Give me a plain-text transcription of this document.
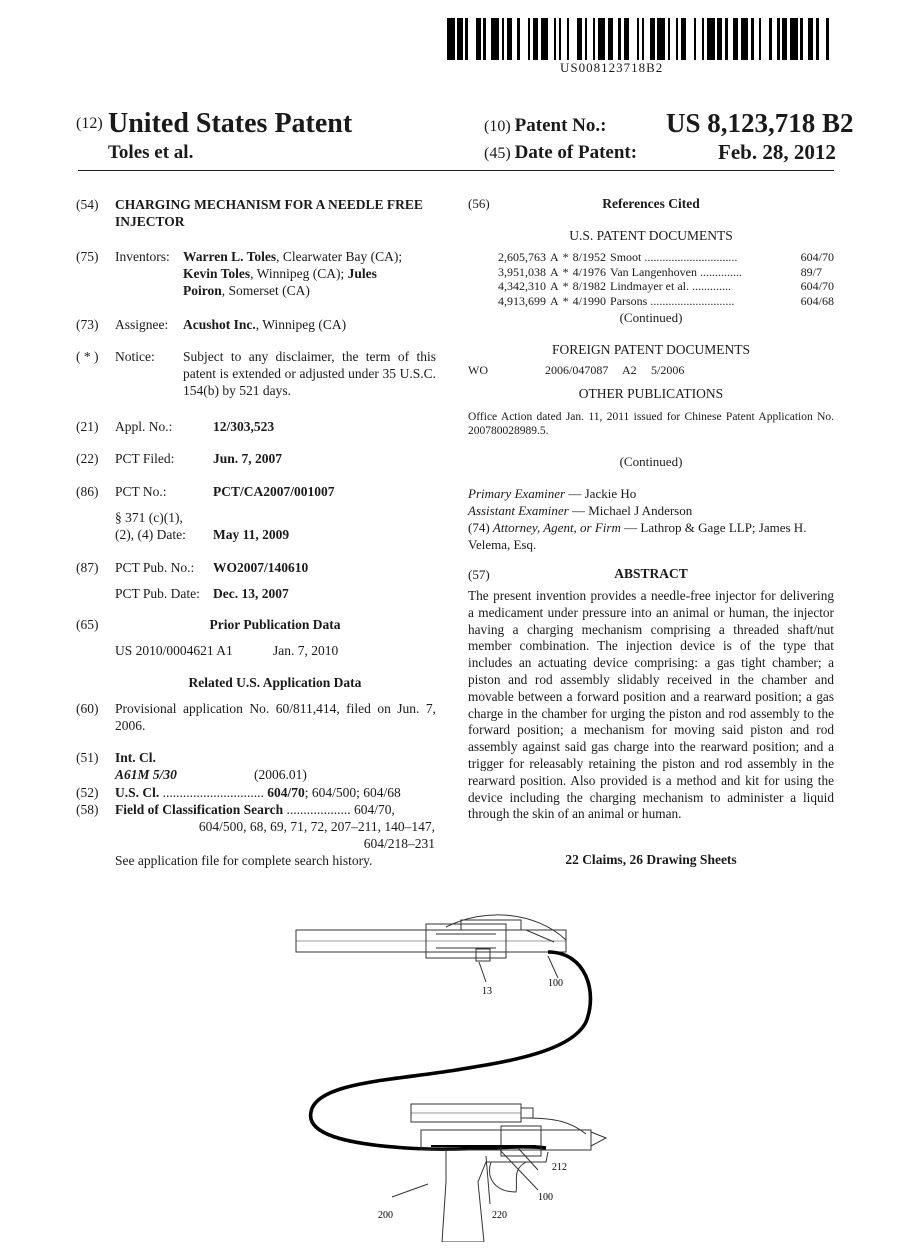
US008123718B2
(12) United States Patent
Toles et al.
(10) Patent No.: US 8,123,718 B2
(45) Date of Patent:	Feb. 28, 2012
(54) CHARGING MECHANISM FOR A NEEDLE FREE INJECTOR
(75) Inventors: Warren L. Toles, Clearwater Bay (CA);
Kevin Toles, Winnipeg (CA); Jules
Poiron, Somerset (CA)
(73) Assignee: Acushot Inc., Winnipeg (CA)
( * ) Notice: Subject to any disclaimer, the term of this patent is extended or adjusted under 35 U.S.C. 154(b) by 521 days.
(21) Appl. No.:	12/303,523
(22) PCT Filed:	Jun. 7, 2007
(86) PCT No.:	PCT/CA2007/001007
§ 371 (c)(1),
(2), (4) Date: May 11, 2009
(87) PCT Pub. No.: WO2007/140610
PCT Pub. Date: Dec. 13, 2007
(65)	Prior Publication Data
US 2010/0004621 A1	Jan. 7, 2010
Related U.S. Application Data
(60) Provisional application No. 60/811,414, filed on Jun. 7, 2006.
(51) Int. Cl.
A61M 5/30	(2006.01)
(52) U.S. Cl. .............................. 604/70; 604/500; 604/68
(58) Field of Classification Search ................... 604/70,
604/500, 68, 69, 71, 72, 207–211, 140–147,
604/218–231
See application file for complete search history.
(56)	References Cited
U.S. PATENT DOCUMENTS
2,605,763	A	*	8/1952	Smoot ...............................	604/70
3,951,038	A	*	4/1976	Van Langenhoven ..............	89/7
4,342,310	A	*	8/1982	Lindmayer et al. .............	604/70
4,913,699	A	*	4/1990	Parsons ............................	604/68
(Continued)
FOREIGN PATENT DOCUMENTS
WO	2006/047087 A2 5/2006
OTHER PUBLICATIONS
Office Action dated Jan. 11, 2011 issued for Chinese Patent Application No. 200780028989.5.
(Continued)
Primary Examiner — Jackie Ho
Assistant Examiner — Michael J Anderson
(74) Attorney, Agent, or Firm — Lathrop & Gage LLP; James H. Velema, Esq.
(57)	ABSTRACT
The present invention provides a needle-free injector for delivering a medicament under pressure into an animal or human, the injector having a charging mechanism comprising a threaded shaft/nut member combination. The injection device is of the type that includes an actuating device comprising: a gas tight chamber; a piston and rod assembly slidably received in the chamber and movable between a forward position and a rearward position; a gas charge in the chamber for urging the piston and rod assembly to the forward position; a mechanism for moving said piston and rod assembly against said gas charge into the rearward position; and a trigger for releasably retaining the piston and rod assembly in the rearward position. Also provided is a method and kit for using the device including the charging mechanism to administer a liquid through the skin of an animal or human.
22 Claims, 26 Drawing Sheets
13
100
212
100
200	220
